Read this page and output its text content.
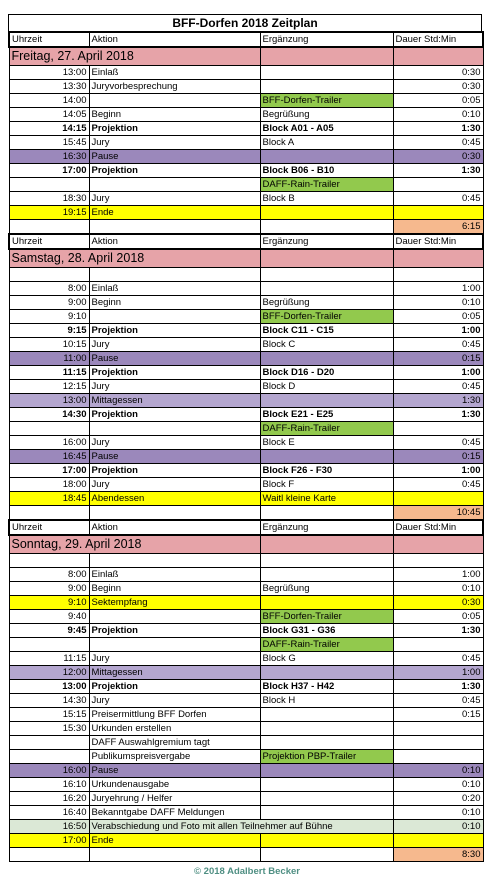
BFF-Dorfen 2018 Zeitplan
Uhrzeit	Aktion	Ergänzung	Dauer Std:Min
Freitag, 27. April 2018			
13:00	Einlaß		0:30
13:30	Juryvorbesprechung		0:30
14:00		BFF-Dorfen-Trailer	0:05
14:05	Beginn	Begrüßung	0:10
14:15	Projektion	Block A01 - A05	1:30
15:45	Jury	Block A	0:45
16:30	Pause		0:30
17:00	Projektion	Block B06 - B10	1:30
		DAFF-Rain-Trailer	
18:30	Jury	Block B	0:45
19:15	Ende		
			6:15
Uhrzeit	Aktion	Ergänzung	Dauer Std:Min
Samstag, 28. April 2018			

8:00	Einlaß		1:00
9:00	Beginn	Begrüßung	0:10
9:10		BFF-Dorfen-Trailer	0:05
9:15	Projektion	Block C11 - C15	1:00
10:15	Jury	Block C	0:45
11:00	Pause		0:15
11:15	Projektion	Block D16 - D20	1:00
12:15	Jury	Block D	0:45
13:00	Mittagessen		1:30
14:30	Projektion	Block E21 - E25	1:30
		DAFF-Rain-Trailer	
16:00	Jury	Block E	0:45
16:45	Pause		0:15
17:00	Projektion	Block F26 - F30	1:00
18:00	Jury	Block F	0:45
18:45	Abendessen	Waitl kleine Karte	
			10:45
Uhrzeit	Aktion	Ergänzung	Dauer Std:Min
Sonntag, 29. April 2018			

8:00	Einlaß		1:00
9:00	Beginn	Begrüßung	0:10
9:10	Sektempfang		0:30
9:40		BFF-Dorfen-Trailer	0:05
9:45	Projektion	Block G31 - G36	1:30
		DAFF-Rain-Trailer	
11:15	Jury	Block G	0:45
12:00	Mittagessen		1:00
13:00	Projektion	Block H37 - H42	1:30
14:30	Jury	Block H	0:45
15:15	Preisermittlung BFF Dorfen		0:15
15:30	Urkunden erstellen		
	DAFF Auswahlgremium tagt		
	Publikumspreisvergabe	Projektion PBP-Trailer	
16:00	Pause		0:10
16:10	Urkundenausgabe		0:10
16:20	Juryehrung / Helfer		0:20
16:40	Bekanntgabe DAFF Meldungen		0:10
16:50	Verabschiedung und Foto mit allen Teilnehmer auf Bühne		0:10
17:00	Ende		
			8:30
© 2018 Adalbert Becker
